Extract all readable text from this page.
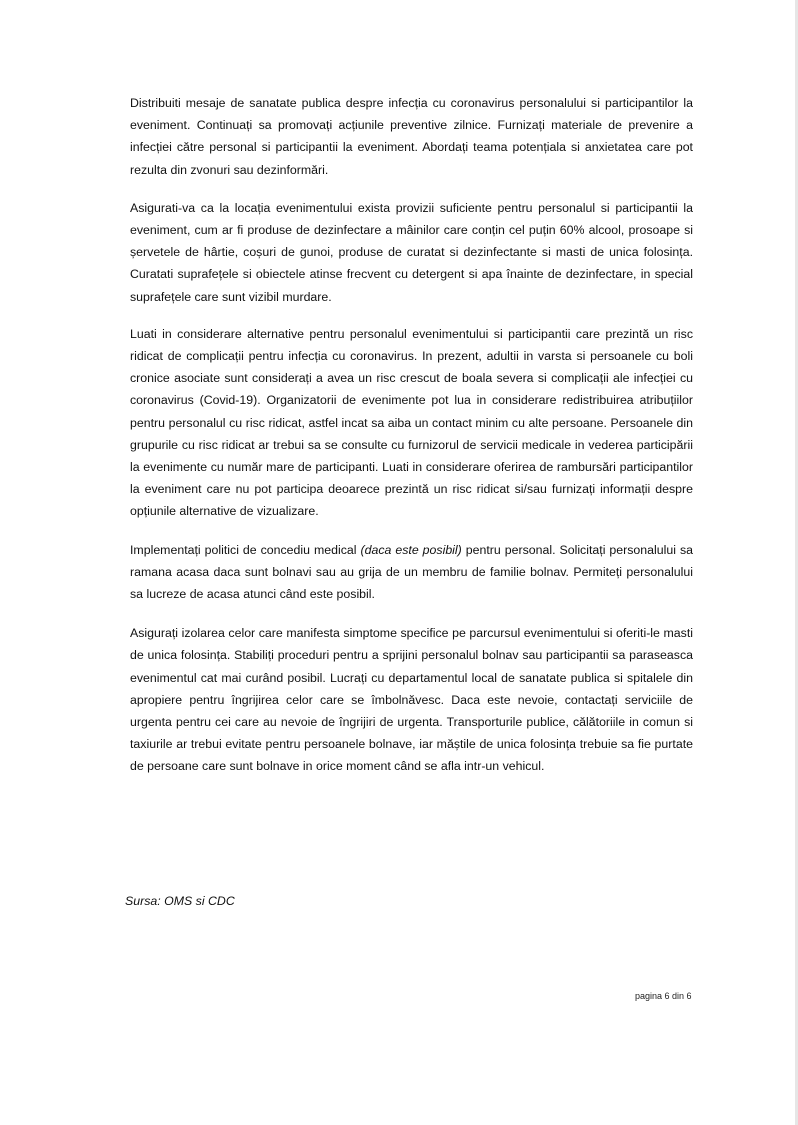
Distribuiti mesaje de sanatate publica despre infecția cu coronavirus personalului si participantilor la eveniment. Continuați sa promovați acțiunile preventive zilnice. Furnizați materiale de prevenire a infecției către personal si participantii la eveniment. Abordați teama potențiala si anxietatea care pot rezulta din zvonuri sau dezinformări.

Asigurati-va ca la locația evenimentului exista provizii suficiente pentru personalul si participantii la eveniment, cum ar fi produse de dezinfectare a mâinilor care conțin cel puțin 60% alcool, prosoape si șervetele de hârtie, coșuri de gunoi, produse de curatat si dezinfectante si masti de unica folosința. Curatati suprafețele si obiectele atinse frecvent cu detergent si apa înainte de dezinfectare, in special suprafețele care sunt vizibil murdare.

Luati in considerare alternative pentru personalul evenimentului si participantii care prezintă un risc ridicat de complicații pentru infecția cu coronavirus. In prezent, adultii in varsta si persoanele cu boli cronice asociate sunt considerați a avea un risc crescut de boala severa si complicații ale infecției cu coronavirus (Covid-19). Organizatorii de evenimente pot lua in considerare redistribuirea atribuțiilor pentru personalul cu risc ridicat, astfel incat sa aiba un contact minim cu alte persoane. Persoanele din grupurile cu risc ridicat ar trebui sa se consulte cu furnizorul de servicii medicale in vederea participării la evenimente cu număr mare de participanti. Luati in considerare oferirea de rambursări participantilor la eveniment care nu pot participa deoarece prezintă un risc ridicat si/sau furnizați informații despre opțiunile alternative de vizualizare.

Implementați politici de concediu medical (daca este posibil) pentru personal. Solicitați personalului sa ramana acasa daca sunt bolnavi sau au grija de un membru de familie bolnav. Permiteți personalului sa lucreze de acasa atunci când este posibil.

Asigurați izolarea celor care manifesta simptome specifice pe parcursul evenimentului si oferiti-le masti de unica folosința. Stabiliți proceduri pentru a sprijini personalul bolnav sau participantii sa paraseasca evenimentul cat mai curând posibil. Lucrați cu departamentul local de sanatate publica si spitalele din apropiere pentru îngrijirea celor care se îmbolnăvesc. Daca este nevoie, contactați serviciile de urgenta pentru cei care au nevoie de îngrijiri de urgenta. Transporturile publice, călătoriile in comun si taxiurile ar trebui evitate pentru persoanele bolnave, iar măștile de unica folosința trebuie sa fie purtate de persoane care sunt bolnave in orice moment când se afla intr-un vehicul.

Sursa: OMS si CDC
pagina 6 din 6
